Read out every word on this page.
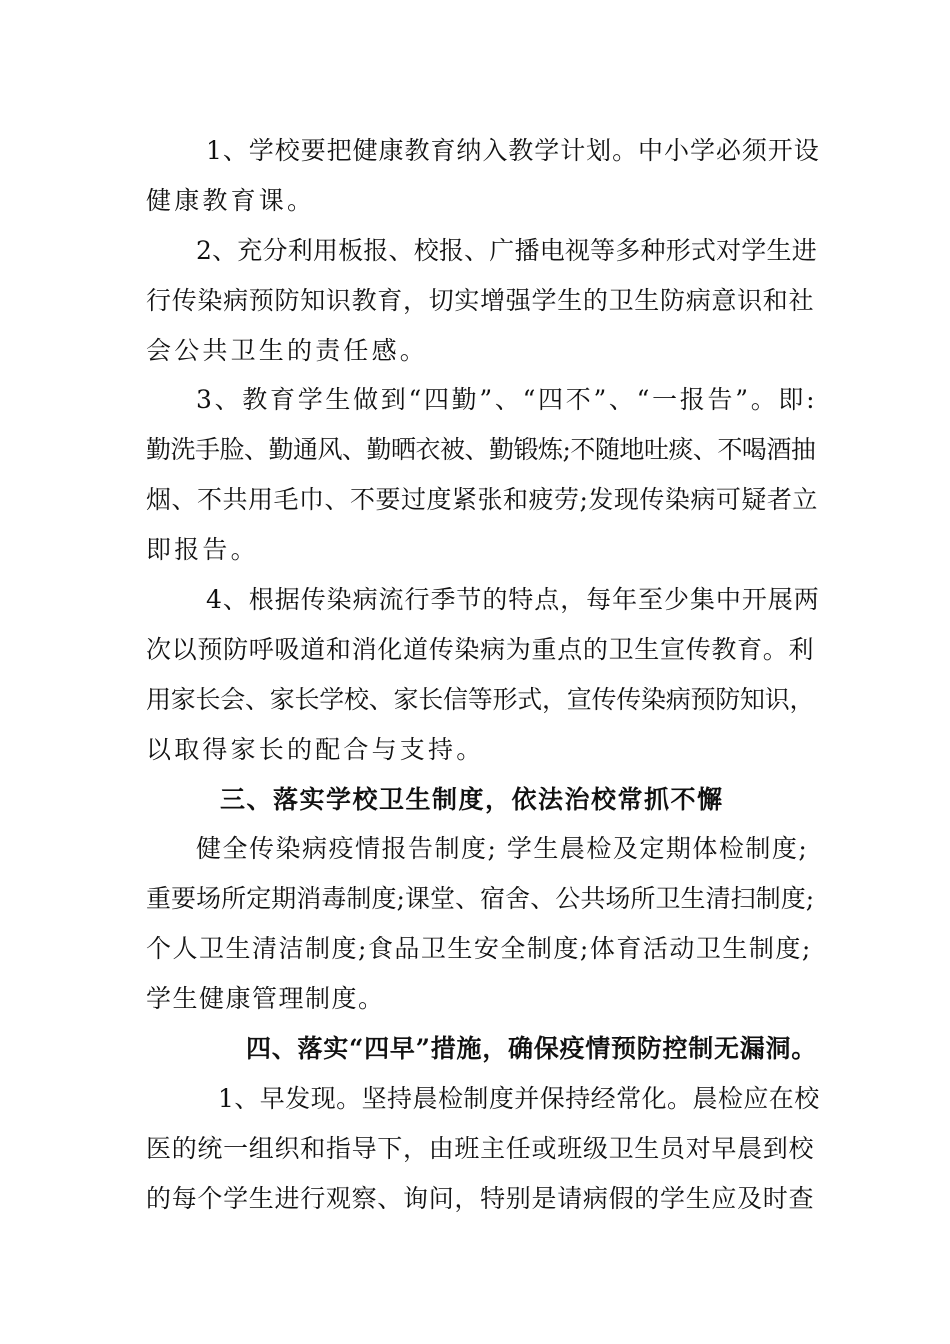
1、学校要把健康教育纳入教学计划。中小学必须开设
健康教育课。
2、充分利用板报、校报、广播电视等多种形式对学生进
行传染病预防知识教育，切实增强学生的卫生防病意识和社
会公共卫生的责任感。
3、教育学生做到“四勤”、“四不”、“一报告”。即:
勤洗手脸、勤通风、勤晒衣被、勤锻炼;不随地吐痰、不喝酒抽
烟、不共用毛巾、不要过度紧张和疲劳;发现传染病可疑者立
即报告。
4、根据传染病流行季节的特点，每年至少集中开展两
次以预防呼吸道和消化道传染病为重点的卫生宣传教育。利
用家长会、家长学校、家长信等形式，宣传传染病预防知识，
以取得家长的配合与支持。
三、落实学校卫生制度，依法治校常抓不懈
健全传染病疫情报告制度; 学生晨检及定期体检制度;
重要场所定期消毒制度;课堂、宿舍、公共场所卫生清扫制度;
个人卫生清洁制度;食品卫生安全制度;体育活动卫生制度;
学生健康管理制度。
四、落实“四早”措施，确保疫情预防控制无漏洞。
1、早发现。坚持晨检制度并保持经常化。晨检应在校
医的统一组织和指导下，由班主任或班级卫生员对早晨到校
的每个学生进行观察、询问，特别是请病假的学生应及时查
